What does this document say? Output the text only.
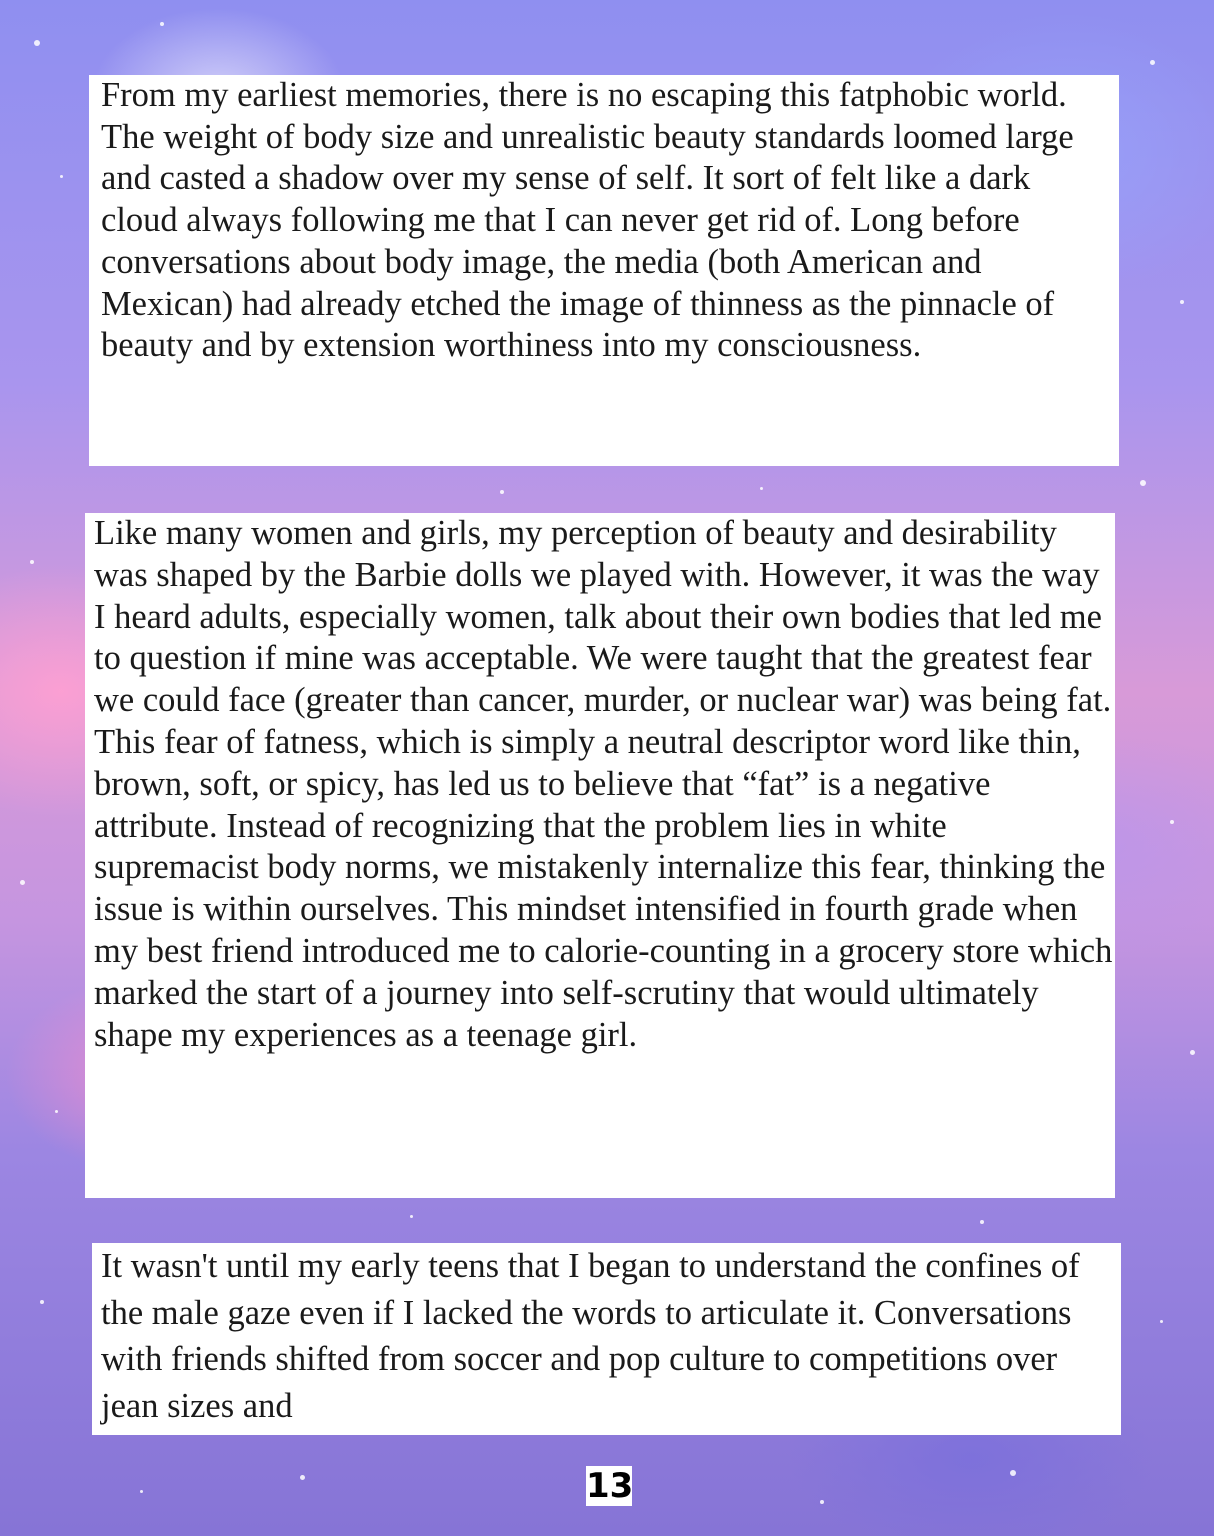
From my earliest memories, there is no escaping this fatphobic world. The weight of body size and unrealistic beauty standards loomed large and casted a shadow over my sense of self. It sort of felt like a dark cloud always following me that I can never get rid of. Long before conversations about body image, the media (both American and Mexican) had already etched the image of thinness as the pinnacle of beauty and by extension worthiness into my consciousness.

Like many women and girls, my perception of beauty and desirability was shaped by the Barbie dolls we played with. However, it was the way I heard adults, especially women, talk about their own bodies that led me to question if mine was acceptable. We were taught that the greatest fear we could face (greater than cancer, murder, or nuclear war) was being fat. This fear of fatness, which is simply a neutral descriptor word like thin, brown, soft, or spicy, has led us to believe that “fat” is a negative attribute. Instead of recognizing that the problem lies in white supremacist body norms, we mistakenly internalize this fear, thinking the issue is within ourselves. This mindset intensified in fourth grade when my best friend introduced me to calorie-counting in a grocery store which marked the start of a journey into self-scrutiny that would ultimately shape my experiences as a teenage girl.

It wasn't until my early teens that I began to understand the confines of the male gaze even if I lacked the words to articulate it. Conversations with friends shifted from soccer and pop culture to competitions over jean sizes and

13
